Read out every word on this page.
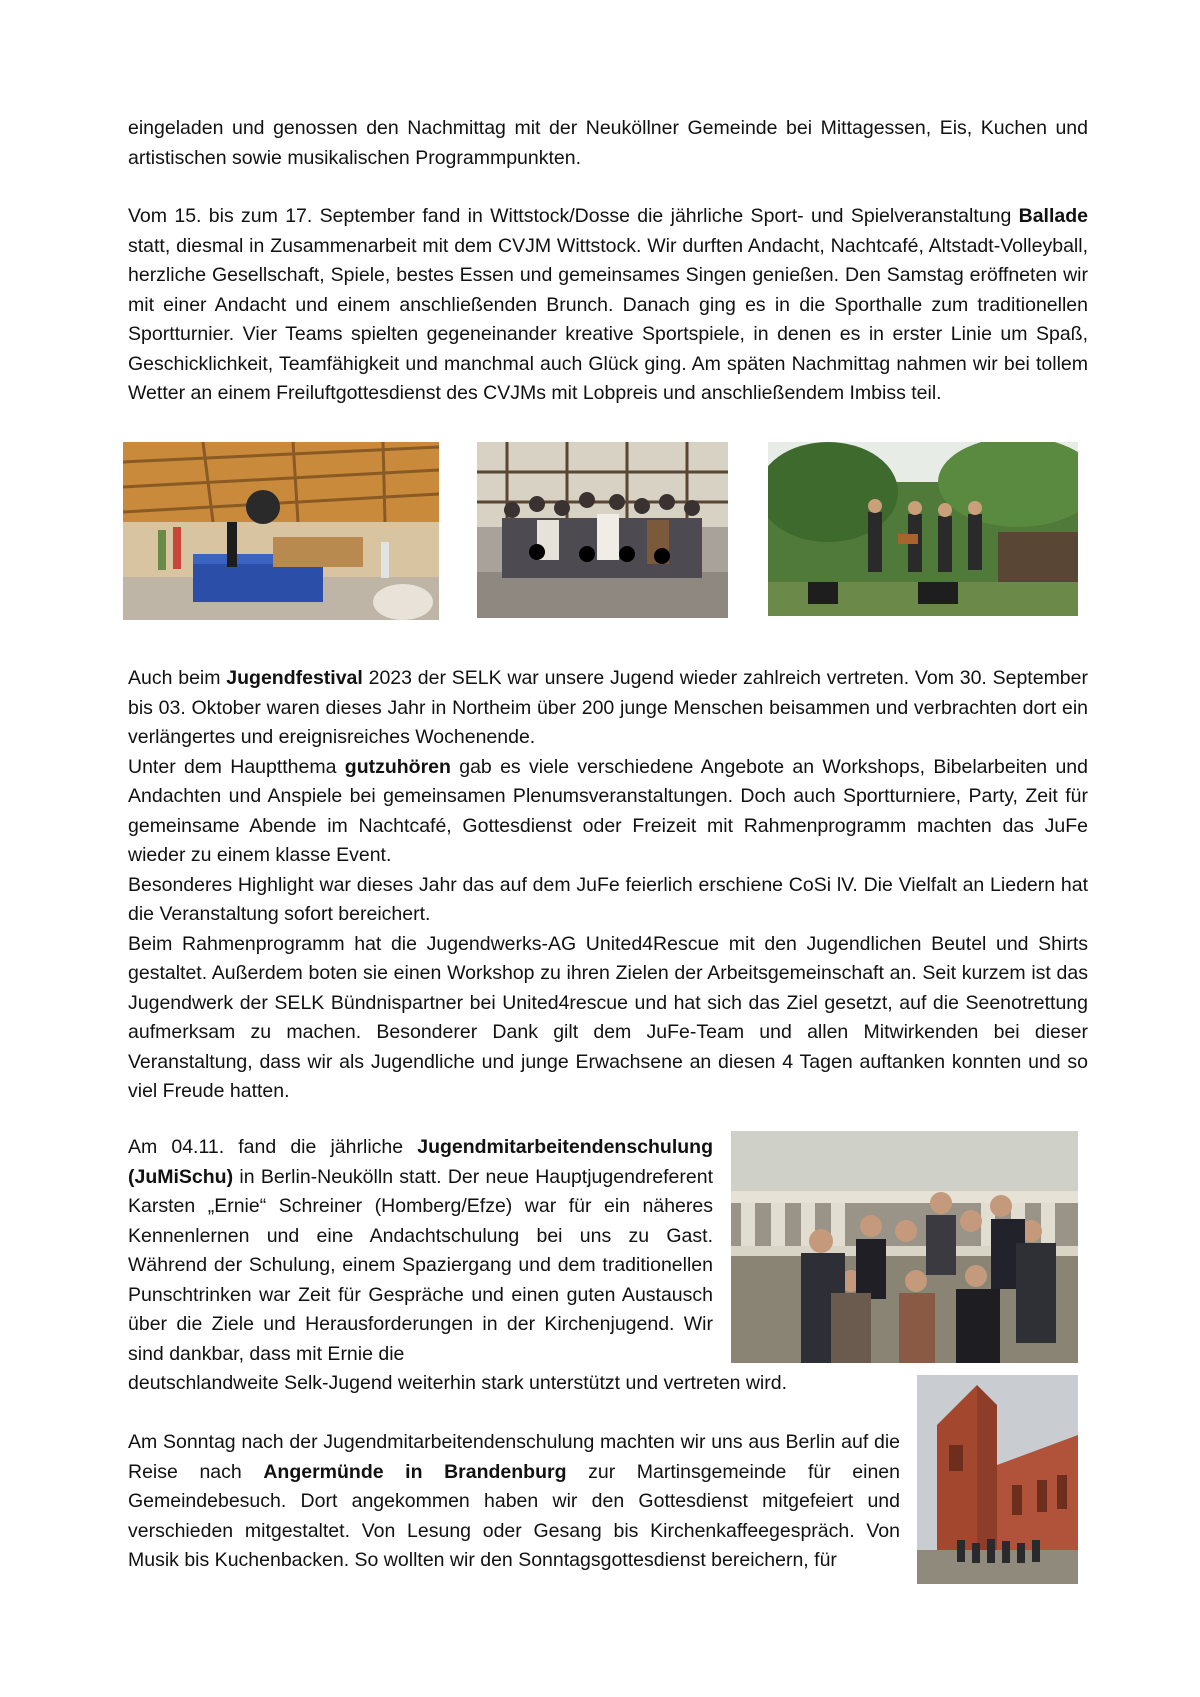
eingeladen und genossen den Nachmittag mit der Neuköllner Gemeinde bei Mittagessen, Eis, Kuchen und artistischen sowie musikalischen Programmpunkten.

Vom 15. bis zum 17. September fand in Wittstock/Dosse die jährliche Sport- und Spielveranstaltung Ballade statt, diesmal in Zusammenarbeit mit dem CVJM Wittstock. Wir durften Andacht, Nachtcafé, Altstadt-Volleyball, herzliche Gesellschaft, Spiele, bestes Essen und gemeinsames Singen genießen. Den Samstag eröffneten wir mit einer Andacht und einem anschließenden Brunch. Danach ging es in die Sporthalle zum traditionellen Sportturnier. Vier Teams spielten gegeneinander kreative Sportspiele, in denen es in erster Linie um Spaß, Geschicklichkeit, Teamfähigkeit und manchmal auch Glück ging. Am späten Nachmittag nahmen wir bei tollem Wetter an einem Freiluftgottesdienst des CVJMs mit Lobpreis und anschließendem Imbiss teil.

Auch beim Jugendfestival 2023 der SELK war unsere Jugend wieder zahlreich vertreten. Vom 30. September bis 03. Oktober waren dieses Jahr in Northeim über 200 junge Menschen beisammen und verbrachten dort ein verlängertes und ereignisreiches Wochenende.
Unter dem Hauptthema gutzuhören gab es viele verschiedene Angebote an Workshops, Bibelarbeiten und Andachten und Anspiele bei gemeinsamen Plenumsveranstaltungen. Doch auch Sportturniere, Party, Zeit für gemeinsame Abende im Nachtcafé, Gottesdienst oder Freizeit mit Rahmenprogramm machten das JuFe wieder zu einem klasse Event.
Besonderes Highlight war dieses Jahr das auf dem JuFe feierlich erschiene CoSi lV. Die Vielfalt an Liedern hat die Veranstaltung sofort bereichert.
Beim Rahmenprogramm hat die Jugendwerks-AG United4Rescue mit den Jugendlichen Beutel und Shirts gestaltet. Außerdem boten sie einen Workshop zu ihren Zielen der Arbeitsgemeinschaft an. Seit kurzem ist das Jugendwerk der SELK Bündnispartner bei United4rescue und hat sich das Ziel gesetzt, auf die Seenotrettung aufmerksam zu machen. Besonderer Dank gilt dem JuFe-Team und allen Mitwirkenden bei dieser Veranstaltung, dass wir als Jugendliche und junge Erwachsene an diesen 4 Tagen auftanken konnten und so viel Freude hatten.

Am 04.11. fand die jährliche Jugendmitarbeitendenschulung (JuMiSchu) in Berlin-Neukölln statt. Der neue Hauptjugendreferent Karsten „Ernie“ Schreiner (Homberg/Efze) war für ein näheres Kennenlernen und eine Andachtschulung bei uns zu Gast. Während der Schulung, einem Spaziergang und dem traditionellen Punschtrinken war Zeit für Gespräche und einen guten Austausch über die Ziele und Herausforderungen in der Kirchenjugend. Wir sind dankbar, dass mit Ernie die
deutschlandweite Selk-Jugend weiterhin stark unterstützt und vertreten wird.
Am Sonntag nach der Jugendmitarbeitendenschulung machten wir uns aus Berlin auf die Reise nach Angermünde in Brandenburg zur Martinsgemeinde für einen Gemeindebesuch. Dort angekommen haben wir den Gottesdienst mitgefeiert und verschieden mitgestaltet. Von Lesung oder Gesang bis Kirchenkaffeegespräch. Von Musik bis Kuchenbacken. So wollten wir den Sonntagsgottesdienst bereichern, für
